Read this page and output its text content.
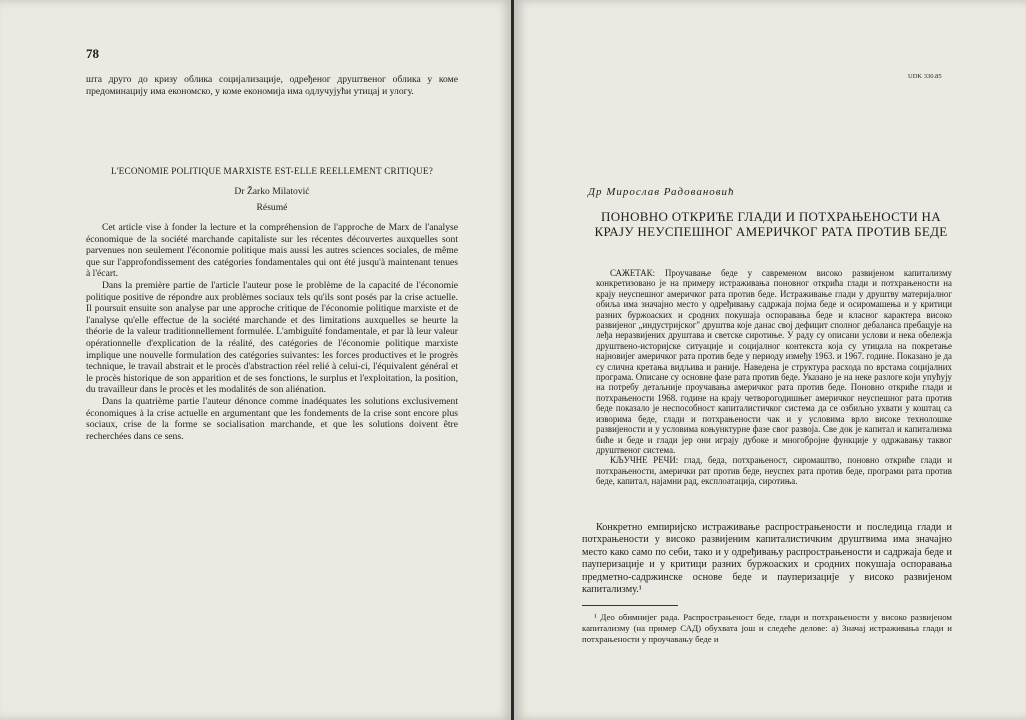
78

шта друго до кризу облика социјализације, одређеног друштвеног облика у коме предоминацију има економско, у коме економија има одлучујући утицај и улогу.

L'ECONOMIE POLITIQUE MARXISTE EST-ELLE REELLEMENT CRITIQUE?
Dr Žarko Milatović
Résumé

Cet article vise à fonder la lecture et la compréhension de l'approche de Marx de l'analyse économique de la société marchande capitaliste sur les récentes découvertes auxquelles sont parvenues non seulement l'économie politique mais aussi les autres sciences sociales, de même que sur l'approfondissement des catégories fondamentales qui ont été jusqu'à maintenant tenues à l'écart.

Dans la première partie de l'article l'auteur pose le problème de la capacité de l'économie politique positive de répondre aux problèmes sociaux tels qu'ils sont posés par la crise actuelle. Il poursuit ensuite son analyse par une approche critique de l'économie politique marxiste et de l'analyse qu'elle effectue de la société marchande et des limitations auxquelles se heurte la théorie de la valeur traditionnellement formulée. L'ambiguïté fondamentale, et par là leur valeur opérationnelle d'explication de la réalité, des catégories de l'économie politique marxiste implique une nouvelle formulation des catégories suivantes: les forces productives et le progrès technique, le travail abstrait et le procès d'abstraction réel relié à celui-ci, l'équivalent général et le procès historique de son apparition et de ses fonctions, le surplus et l'exploitation, la position, du travailleur dans le procès et les modalités de son aliénation.

Dans la quatrième partie l'auteur dénonce comme inadéquates les solutions exclusivement économiques à la crise actuelle en argumentant que les fondements de la crise sont encore plus sociaux, crise de la forme se socialisation marchande, et que les solutions doivent être recherchées dans ce sens.

UDK 330.85
Др Мирослав Радовановић
ПОНОВНО ОТКРИЋЕ ГЛАДИ И ПОТХРАЊЕНОСТИ НА КРАЈУ НЕУСПЕШНОГ АМЕРИЧКОГ РАТА ПРОТИВ БЕДЕ

САЖЕТАК: Проучавање беде у савременом високо развијеном капитализму конкретизовано је на примеру истраживања поновног открића глади и потхрањености на крају неуспешног америчког рата против беде. Истраживање глади у друштву материјалног обиља има значајно место у одређивању садржаја појма беде и осиромашења и у критици разних буржоаских и сродних покушаја оспоравања беде и класног карактера високо развијеног „индустријског" друштва које данас свој дефицит сполног дебаланса пребацује на леђа неразвијених друштава и светске сиротиње. У раду су описани услови и нека обележја друштвено-историјске ситуације и социјалног контекста која су утицала на покретање најновијег америчког рата против беде у периоду између 1963. и 1967. године. Показано је да су слична кретања видљива и раније. Наведена је структура расхода по врстама социјалних програма. Описане су основне фазе рата против беде. Указано је на неке разлоге који упућују на потребу детаљније проучавања америчког рата против беде. Поновно откриће глади и потхрањености 1968. године на крају четворогодишњег америчког неуспешног рата против беде показало је неспособност капиталистичког система да се озбиљно ухвати у коштац са изворима беде, глади и потхрањености чак и у условима врло високе технолошке развијености и у условима коњунктурне фазе свог развоја. Све док је капитал и капитализма биће и беде и глади јер они играју дубоке и многобројне функције у одржавању таквог друштвеног система.

КЉУЧНЕ РЕЧИ: глад, беда, потхрањеност, сиромаштво, поновно откриће глади и потхрањености, амерички рат против беде, неуспех рата против беде, програми рата против беде, капитал, најамни рад, експлоатација, сиротиња.

Конкретно емпиријско истраживање распрострањености и последица глади и потхрањености у високо развијеним капиталистичким друштвима има значајно место како само по себи, тако и у одређивању распрострањености и садржаја беде и пауперизације и у критици разних буржоаских и сродних покушаја оспоравања предметно-садржинске основе беде и пауперизације у високо развијеном капитализму.¹

¹ Део обимнијег рада. Распрострањеност беде, глади и потхрањености у високо развијеном капитализму (на пример САД) обухвата још и следеће делове: а) Значај истраживања глади и потхрањености у проучавању беде и
